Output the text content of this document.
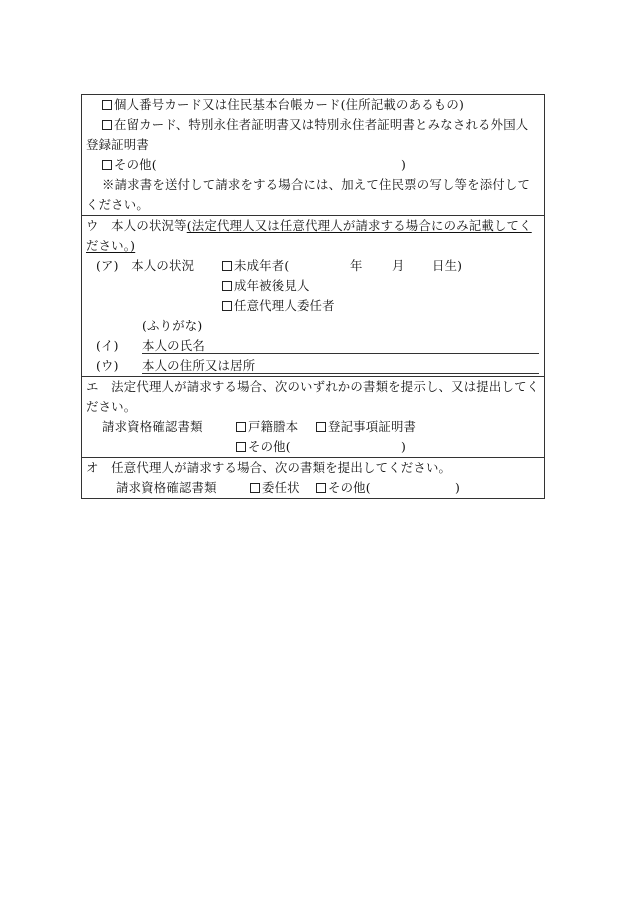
個人番号カード又は住民基本台帳カード(住所記載のあるもの)
在留カード、特別永住者証明書又は特別永住者証明書とみなされる外国人登録証明書
その他(	)
※請求書を送付して請求をする場合には、加えて住民票の写し等を添付してください。
ウ　本人の状況等(法定代理人又は任意代理人が請求する場合にのみ記載してください。)
(ア)　本人の状況	未成年者(	年 月 日生)
成年被後見人
任意代理人委任者
(ふりがな)
(イ) 本人の氏名
(ウ) 本人の住所又は居所
エ　法定代理人が請求する場合、次のいずれかの書類を提示し、又は提出してください。
請求資格確認書類	戸籍謄本	登記事項証明書
その他(	)
オ　任意代理人が請求する場合、次の書類を提出してください。
請求資格確認書類	委任状	その他(	)
